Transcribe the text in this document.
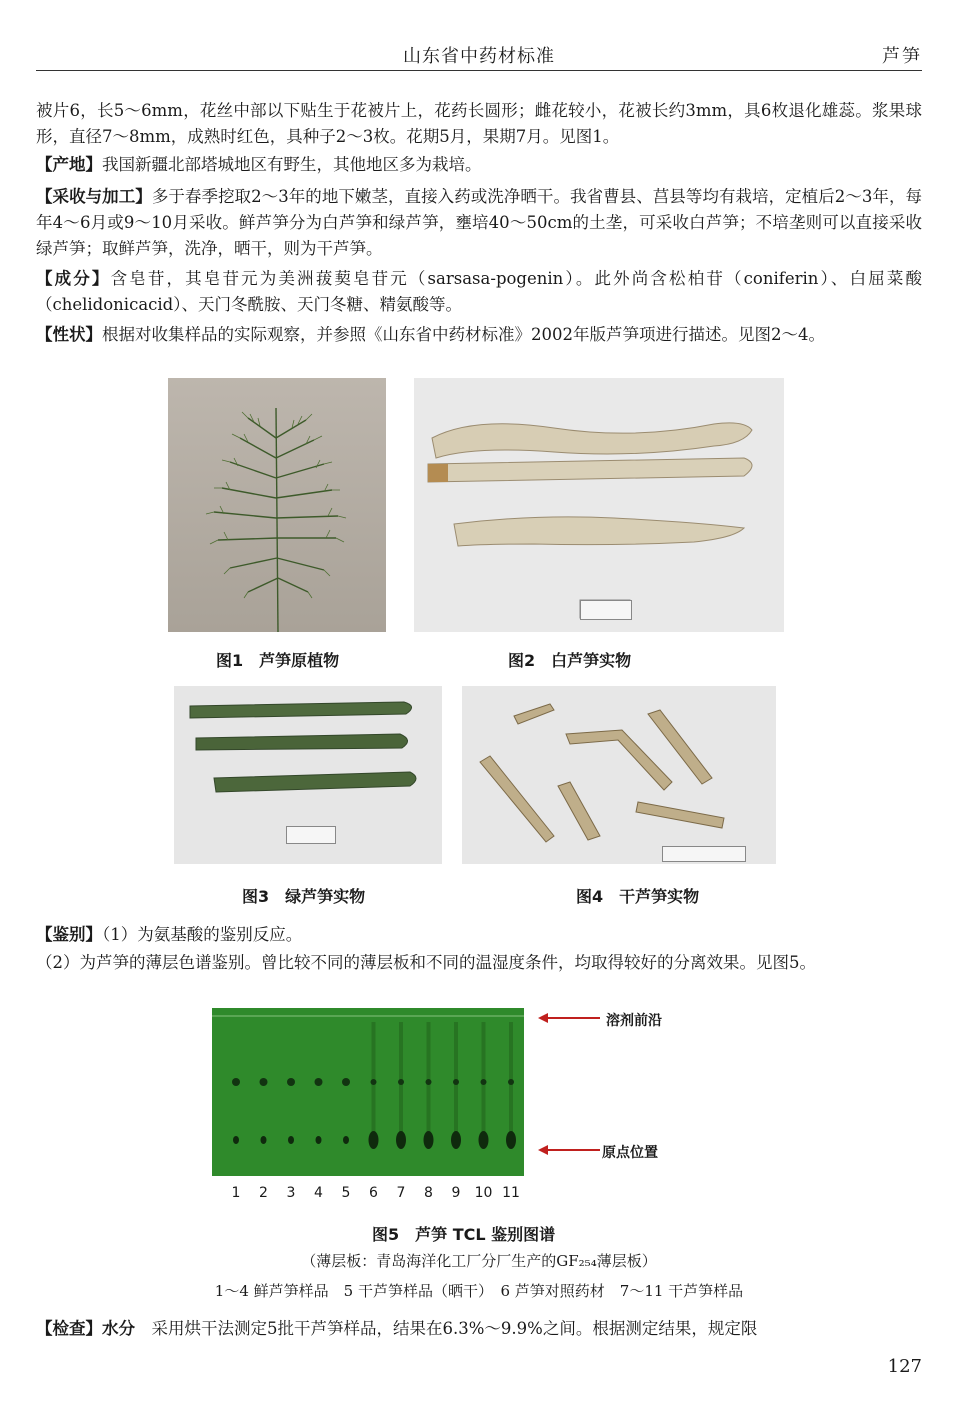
山东省中药材标准	芦笋
被片6，长5～6mm，花丝中部以下贴生于花被片上，花药长圆形；雌花较小，花被长约3mm，具6枚退化雄蕊。浆果球形，直径7～8mm，成熟时红色，具种子2～3枚。花期5月，果期7月。见图1。
【产地】我国新疆北部塔城地区有野生，其他地区多为栽培。
【采收与加工】多于春季挖取2～3年的地下嫩茎，直接入药或洗净晒干。我省曹县、莒县等均有栽培，定植后2～3年，每年4～6月或9～10月采收。鲜芦笋分为白芦笋和绿芦笋，壅培40～50cm的土垄，可采收白芦笋；不培垄则可以直接采收绿芦笋；取鲜芦笋，洗净，晒干，则为干芦笋。
【成分】含皂苷，其皂苷元为美洲菝葜皂苷元（sarsasa-pogenin）。此外尚含松柏苷（coniferin）、白屈菜酸（chelidonicacid）、天门冬酰胺、天门冬糖、精氨酸等。
【性状】根据对收集样品的实际观察，并参照《山东省中药材标准》2002年版芦笋项进行描述。见图2～4。
图1　芦笋原植物	图2　白芦笋实物
图3　绿芦笋实物	图4　干芦笋实物
【鉴别】（1）为氨基酸的鉴别反应。
（2）为芦笋的薄层色谱鉴别。曾比较不同的薄层板和不同的温湿度条件，均取得较好的分离效果。见图5。
溶剂前沿
原点位置
1	2	3	4	5	6	7	8	9	10 11
图5　芦笋 TCL 鉴别图谱
（薄层板：青岛海洋化工厂分厂生产的GF₂₅₄薄层板）
1～4 鲜芦笋样品　5 干芦笋样品（晒干）　6 芦笋对照药材　7～11 干芦笋样品
【检查】水分　 采用烘干法测定5批干芦笋样品，结果在6.3%～9.9%之间。根据测定结果，规定限
127
